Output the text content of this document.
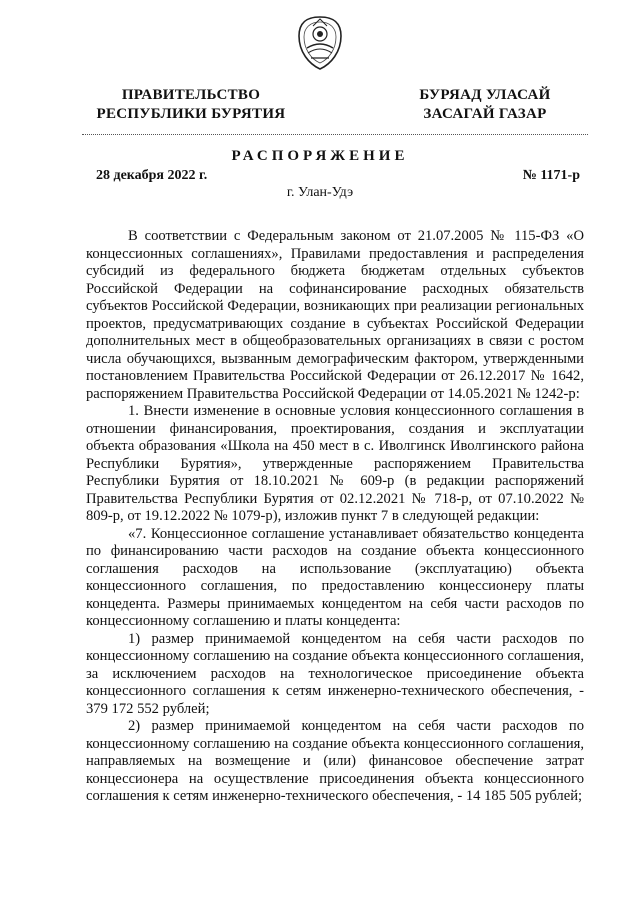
ПРАВИТЕЛЬСТВО
РЕСПУБЛИКИ БУРЯТИЯ
БУРЯАД УЛАСАЙ
ЗАСАГАЙ ГАЗАР
РАСПОРЯЖЕНИЕ
28 декабря 2022 г.	№ 1171-р
г. Улан-Удэ

В соответствии с Федеральным законом от 21.07.2005 № 115-ФЗ «О концессионных соглашениях», Правилами предоставления и распределения субсидий из федерального бюджета бюджетам отдельных субъектов Российской Федерации на софинансирование расходных обязательств субъектов Российской Федерации, возникающих при реализации региональных проектов, предусматривающих создание в субъектах Российской Федерации дополнительных мест в общеобразовательных организациях в связи с ростом числа обучающихся, вызванным демографическим фактором, утвержденными постановлением Правительства Российской Федерации от 26.12.2017 № 1642, распоряжением Правительства Российской Федерации от 14.05.2021 № 1242-р:

1. Внести изменение в основные условия концессионного соглашения в отношении финансирования, проектирования, создания и эксплуатации объекта образования «Школа на 450 мест в с. Иволгинск Иволгинского района Республики Бурятия», утвержденные распоряжением Правительства Республики Бурятия от 18.10.2021 № 609-р (в редакции распоряжений Правительства Республики Бурятия от 02.12.2021 № 718-р, от 07.10.2022 № 809-р, от 19.12.2022 № 1079-р), изложив пункт 7 в следующей редакции:

«7. Концессионное соглашение устанавливает обязательство концедента по финансированию части расходов на создание объекта концессионного соглашения расходов на использование (эксплуатацию) объекта концессионного соглашения, по предоставлению концессионеру платы концедента. Размеры принимаемых концедентом на себя части расходов по концессионному соглашению и платы концедента:

1) размер принимаемой концедентом на себя части расходов по концессионному соглашению на создание объекта концессионного соглашения, за исключением расходов на технологическое присоединение объекта концессионного соглашения к сетям инженерно-технического обеспечения, - 379 172 552 рублей;

2) размер принимаемой концедентом на себя части расходов по концессионному соглашению на создание объекта концессионного соглашения, направляемых на возмещение и (или) финансовое обеспечение затрат концессионера на осуществление присоединения объекта концессионного соглашения к сетям инженерно-технического обеспечения, - 14 185 505 рублей;
